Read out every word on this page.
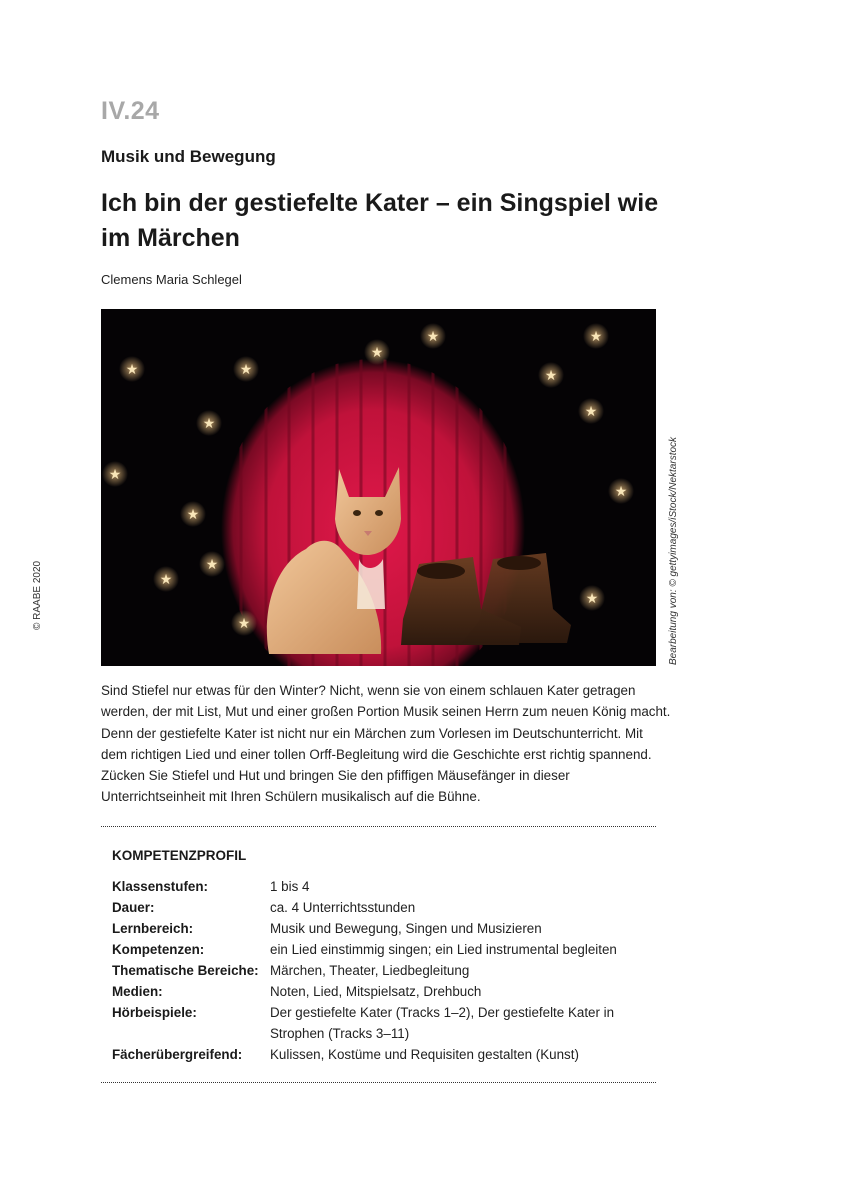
IV.24
Musik und Bewegung
Ich bin der gestiefelte Kater – ein Singspiel wie im Märchen
Clemens Maria Schlegel
★	★
★
★	★
★
★
★
★
★
★
★
★
★
★	Bearbeitung von: © gettyimages/iStock/Nektarstock
© RAABE 2020
Sind Stiefel nur etwas für den Winter? Nicht, wenn sie von einem schlauen Kater getragen werden, der mit List, Mut und einer großen Portion Musik seinen Herrn zum neuen König macht. Denn der gestiefelte Kater ist nicht nur ein Märchen zum Vorlesen im Deutschunterricht. Mit dem richtigen Lied und einer tollen Orff-Begleitung wird die Geschichte erst richtig spannend. Zücken Sie Stiefel und Hut und bringen Sie den pfiffigen Mäusefänger in dieser Unterrichtseinheit mit Ihren Schülern musikalisch auf die Bühne.
KOMPETENZPROFIL
Klassenstufen:	1 bis 4
Dauer:	ca. 4 Unterrichtsstunden
Lernbereich:	Musik und Bewegung, Singen und Musizieren
Kompetenzen:	ein Lied einstimmig singen; ein Lied instrumental begleiten
Thematische Bereiche: Märchen, Theater, Liedbegleitung
Medien:	Noten, Lied, Mitspielsatz, Drehbuch
Hörbeispiele:	Der gestiefelte Kater (Tracks 1–2), Der gestiefelte Kater in Strophen (Tracks 3–11)
Fächerübergreifend:	Kulissen, Kostüme und Requisiten gestalten (Kunst)
